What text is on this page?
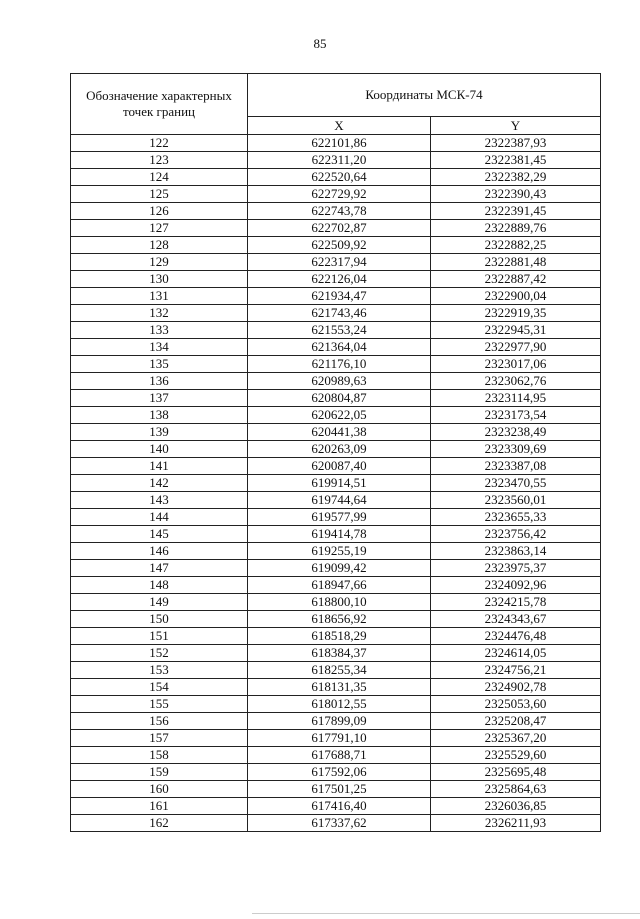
85
Обозначение характерных точек границ	Координаты МСК-74	
	X	Y
122	622101,86	2322387,93
123	622311,20	2322381,45
124	622520,64	2322382,29
125	622729,92	2322390,43
126	622743,78	2322391,45
127	622702,87	2322889,76
128	622509,92	2322882,25
129	622317,94	2322881,48
130	622126,04	2322887,42
131	621934,47	2322900,04
132	621743,46	2322919,35
133	621553,24	2322945,31
134	621364,04	2322977,90
135	621176,10	2323017,06
136	620989,63	2323062,76
137	620804,87	2323114,95
138	620622,05	2323173,54
139	620441,38	2323238,49
140	620263,09	2323309,69
141	620087,40	2323387,08
142	619914,51	2323470,55
143	619744,64	2323560,01
144	619577,99	2323655,33
145	619414,78	2323756,42
146	619255,19	2323863,14
147	619099,42	2323975,37
148	618947,66	2324092,96
149	618800,10	2324215,78
150	618656,92	2324343,67
151	618518,29	2324476,48
152	618384,37	2324614,05
153	618255,34	2324756,21
154	618131,35	2324902,78
155	618012,55	2325053,60
156	617899,09	2325208,47
157	617791,10	2325367,20
158	617688,71	2325529,60
159	617592,06	2325695,48
160	617501,25	2325864,63
161	617416,40	2326036,85
162	617337,62	2326211,93
